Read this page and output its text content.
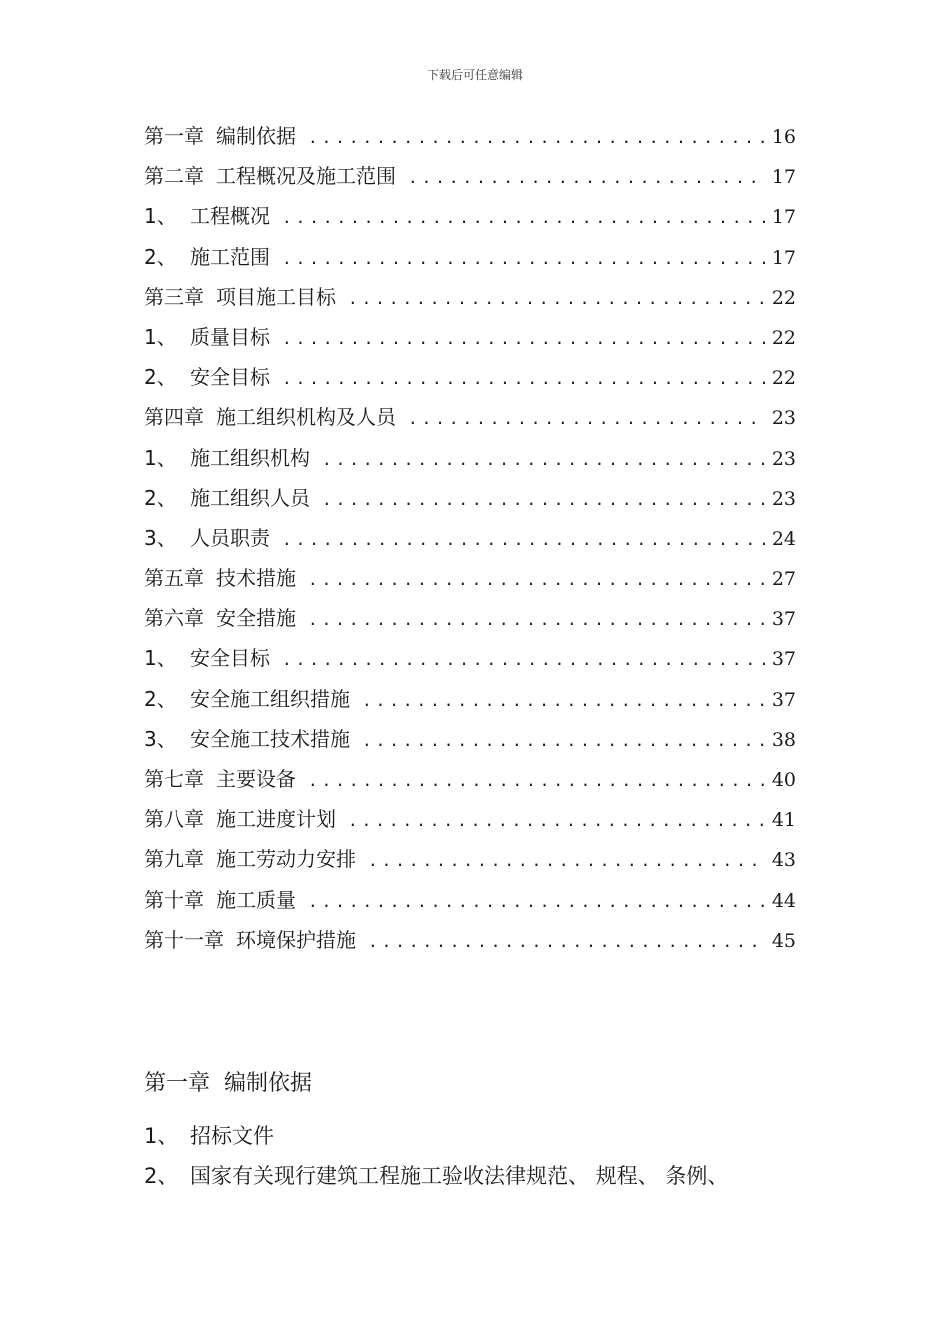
下载后可任意编辑
第一章 编制依据 .....	16
第二章 工程概况及施工范围 .....	17
1、 工程概况 .....	17
2、 施工范围 .....	17
第三章 项目施工目标 .....	22
1、 质量目标 .....	22
2、 安全目标 .....	22
第四章 施工组织机构及人员 .....	23
1、 施工组织机构 .....	23
2、 施工组织人员 .....	23
3、 人员职责 .....	24
第五章 技术措施 .....	27
第六章 安全措施 .....	37
1、 安全目标 .....	37
2、 安全施工组织措施 .....	37
3、 安全施工技术措施 .....	38
第七章 主要设备 .....	40
第八章 施工进度计划 .....	41
第九章 施工劳动力安排 .....	43
第十章 施工质量 .....	44
第十一章 环境保护措施 .....	45
第一章 编制依据
1、 招标文件
2、 国家有关现行建筑工程施工验收法律规范、 规程、 条例、
